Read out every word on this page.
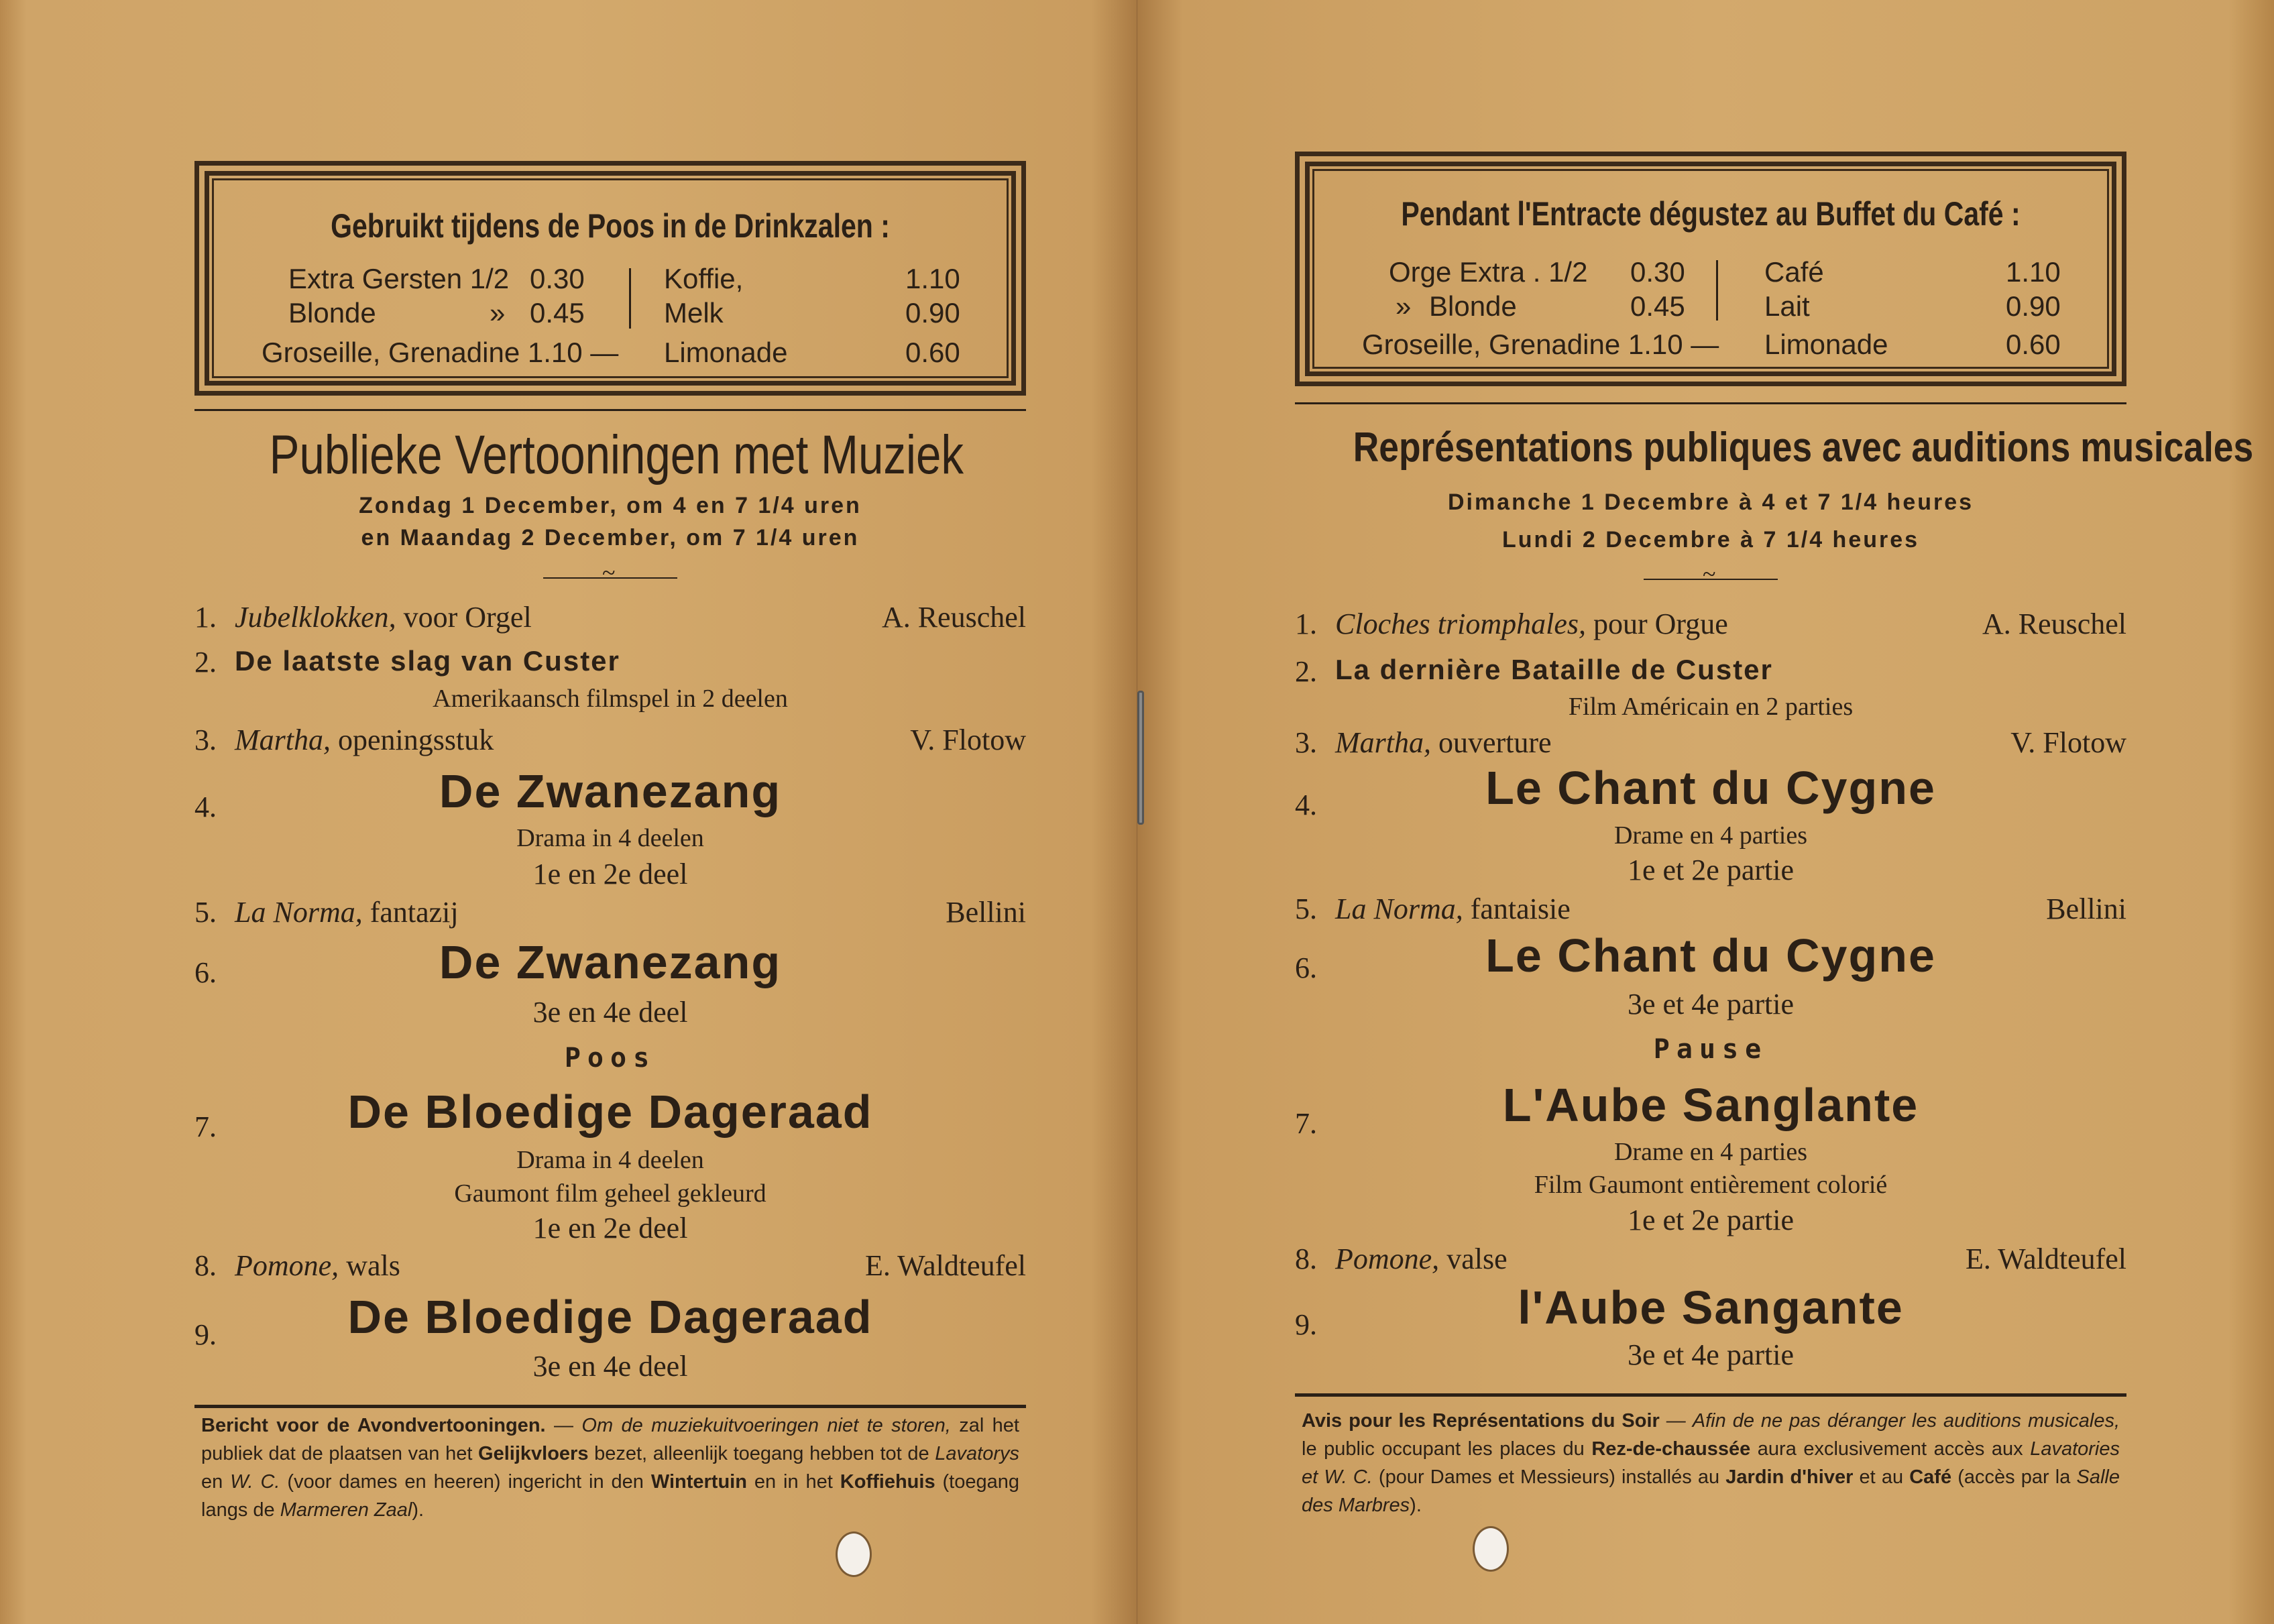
Gebruikt tijdens de Poos in de Drinkzalen :
Extra Gersten 1/2 0.30	Koffie,	1.10
Blonde	» 0.45	Melk	0.90
Groseille, Grenadine 1.10 — Limonade	0.60
Publieke Vertooningen met Muziek
Zondag 1 December, om 4 en 7 1/4 uren
en Maandag 2 December, om 7 1/4 uren
~
1. Jubelklokken, voor Orgel	A. Reuschel
2. De laatste slag van Custer
Amerikaansch filmspel in 2 deelen
3. Martha, openingsstuk	V. Flotow
4.	De Zwanezang
Drama in 4 deelen
1e en 2e deel
5. La Norma, fantazij	Bellini
6.	De Zwanezang
3e en 4e deel
Poos
7.	De Bloedige Dageraad
Drama in 4 deelen
Gaumont film geheel gekleurd
1e en 2e deel
8. Pomone, wals	E. Waldteufel
9.	De Bloedige Dageraad
3e en 4e deel
Bericht voor de Avondvertooningen. — Om de muziekuitvoeringen niet te storen, zal het publiek dat de plaatsen van het Gelijkvloers bezet, alleenlijk toegang hebben tot de Lavatorys en W. C. (voor dames en heeren) ingericht in den Wintertuin en in het Koffiehuis (toegang langs de Marmeren Zaal).
Pendant l'Entracte dégustez au Buffet du Café :
Orge Extra . 1/2 0.30	Café	1.10
» Blonde	0.45	Lait	0.90
Groseille, Grenadine 1.10 — Limonade	0.60
Représentations publiques avec auditions musicales
Dimanche 1 Decembre à 4 et 7 1/4 heures
Lundi 2 Decembre à 7 1/4 heures
~
1. Cloches triomphales, pour Orgue	A. Reuschel
2. La dernière Bataille de Custer
Film Américain en 2 parties
3. Martha, ouverture	V. Flotow
4.	Le Chant du Cygne
Drame en 4 parties
1e et 2e partie
5. La Norma, fantaisie	Bellini
6.	Le Chant du Cygne
3e et 4e partie
Pause
7.	L'Aube Sanglante
Drame en 4 parties
Film Gaumont entièrement colorié
1e et 2e partie
8. Pomone, valse	E. Waldteufel
9.	l'Aube Sangante
3e et 4e partie
Avis pour les Représentations du Soir — Afin de ne pas déranger les auditions musicales, le public occupant les places du Rez-de-chaussée aura exclusivement accès aux Lavatories et W. C. (pour Dames et Messieurs) installés au Jardin d'hiver et au Café (accès par la Salle des Marbres).
